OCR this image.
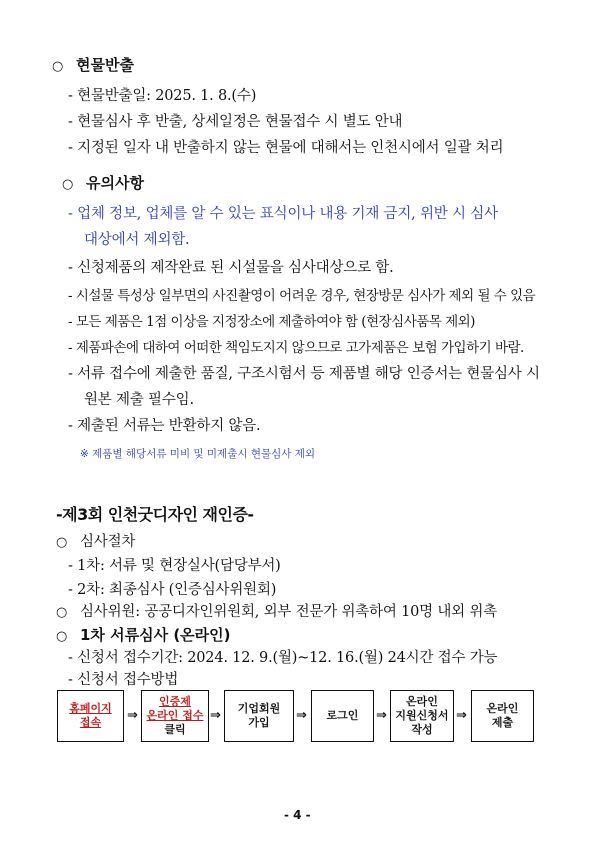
○ 현물반출
- 현물반출일: 2025. 1. 8.(수)
- 현물심사 후 반출, 상세일정은 현물접수 시 별도 안내
- 지정된 일자 내 반출하지 않는 현물에 대해서는 인천시에서 일괄 처리
○ 유의사항
- 업체 정보, 업체를 알 수 있는 표식이나 내용 기재 금지, 위반 시 심사
대상에서 제외함.
- 신청제품의 제작완료 된 시설물을 심사대상으로 함.
- 시설물 특성상 일부면의 사진촬영이 어려운 경우, 현장방문 심사가 제외 될 수 있음
- 모든 제품은 1점 이상을 지정장소에 제출하여야 함 (현장심사품목 제외)
- 제품파손에 대하여 어떠한 책임도지지 않으므로 고가제품은 보험 가입하기 바람.
- 서류 접수에 제출한 품질, 구조시험서 등 제품별 해당 인증서는 현물심사 시
원본 제출 필수임.
- 제출된 서류는 반환하지 않음.
※ 제품별 해당서류 미비 및 미제출시 현물심사 제외
-제3회 인천굿디자인 재인증-
○ 심사절차
- 1차: 서류 및 현장실사(담당부서)
- 2차: 최종심사 (인증심사위원회)
○ 심사위원: 공공디자인위원회, 외부 전문가 위촉하여 10명 내외 위촉
○ 1차 서류심사 (온라인)
- 신청서 접수기간: 2024. 12. 9.(월)~12. 16.(월) 24시간 접수 가능
- 신청서 접수방법
홈페이지
접속	⇒
인증제
온라인 접수
클릭
⇒ 기업회원
가입	⇒ 로그인 ⇒
온라인
지원신청서
작성
⇒ 온라인
제출
- 4 -
